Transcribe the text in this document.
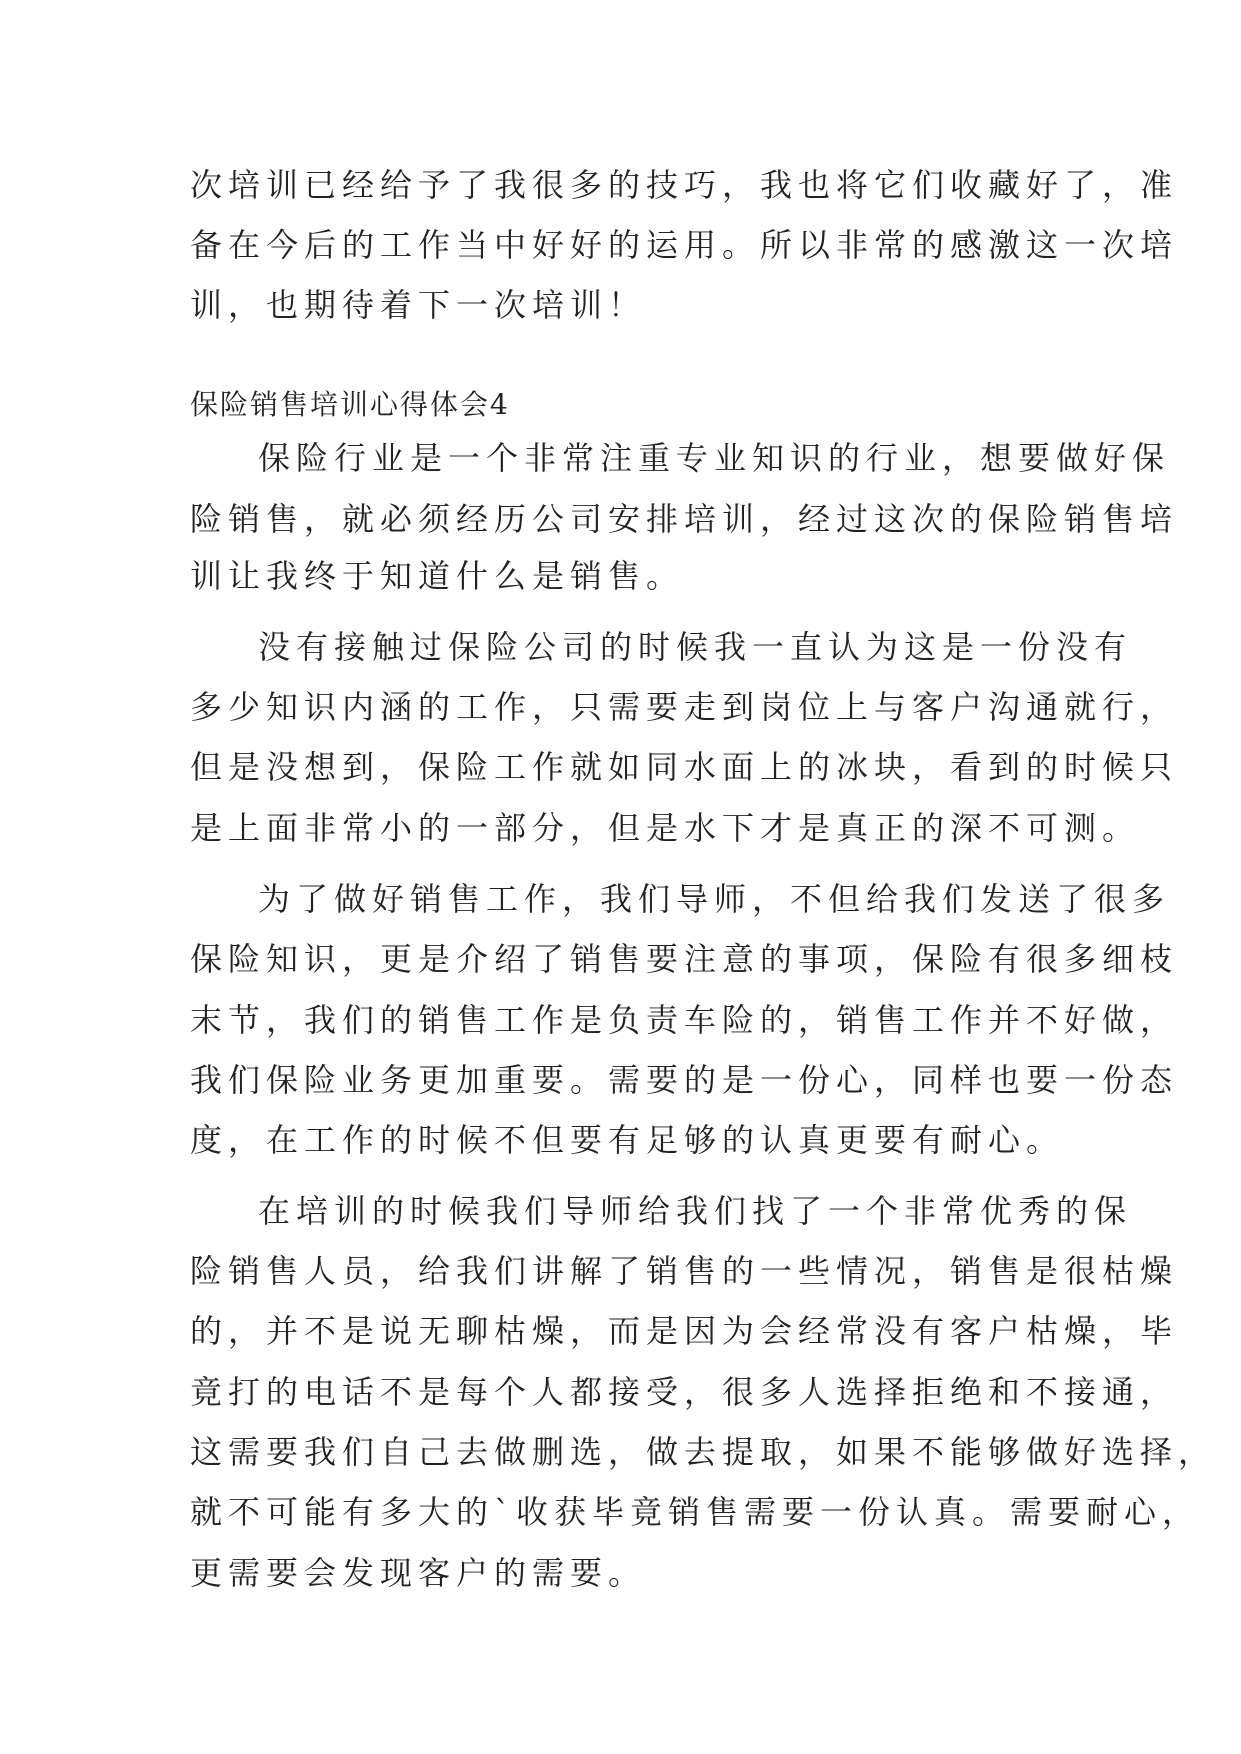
次培训已经给予了我很多的技巧，我也将它们收藏好了，准
备在今后的工作当中好好的运用。所以非常的感激这一次培
训，也期待着下一次培训！
保险销售培训心得体会4
保险行业是一个非常注重专业知识的行业，想要做好保
险销售，就必须经历公司安排培训，经过这次的保险销售培
训让我终于知道什么是销售。
没有接触过保险公司的时候我一直认为这是一份没有
多少知识内涵的工作，只需要走到岗位上与客户沟通就行，
但是没想到，保险工作就如同水面上的冰块，看到的时候只
是上面非常小的一部分，但是水下才是真正的深不可测。
为了做好销售工作，我们导师，不但给我们发送了很多
保险知识，更是介绍了销售要注意的事项，保险有很多细枝
末节，我们的销售工作是负责车险的，销售工作并不好做，
我们保险业务更加重要。需要的是一份心，同样也要一份态
度，在工作的时候不但要有足够的认真更要有耐心。
在培训的时候我们导师给我们找了一个非常优秀的保
险销售人员，给我们讲解了销售的一些情况，销售是很枯燥
的，并不是说无聊枯燥，而是因为会经常没有客户枯燥，毕
竟打的电话不是每个人都接受，很多人选择拒绝和不接通，
这需要我们自己去做删选，做去提取，如果不能够做好选择，
就不可能有多大的`收获毕竟销售需要一份认真。需要耐心，
更需要会发现客户的需要。
